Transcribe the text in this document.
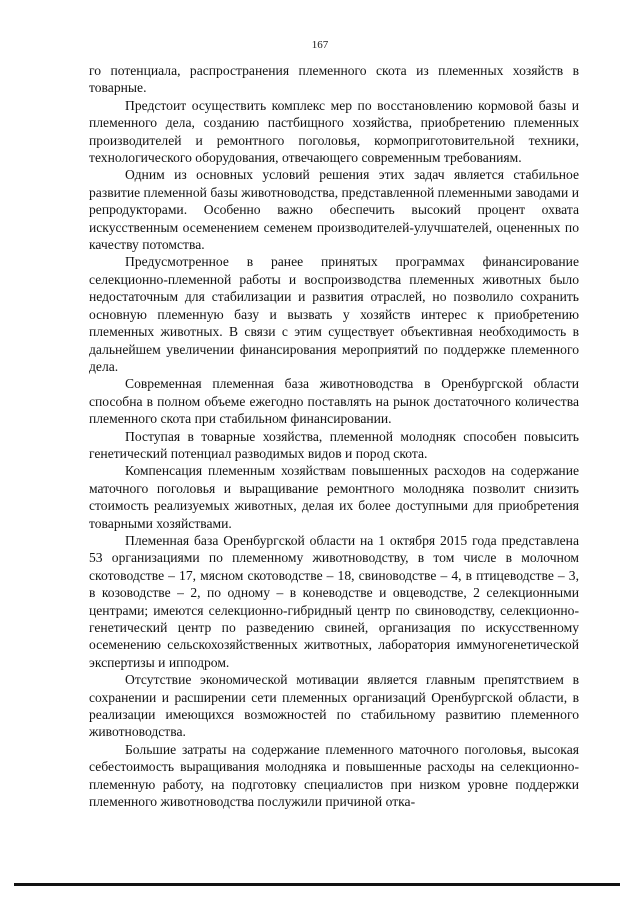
167

го потенциала, распространения племенного скота из племенных хозяйств в товарные.

Предстоит осуществить комплекс мер по восстановлению кормовой базы и племенного дела, созданию пастбищного хозяйства, приобретению племенных производителей и ремонтного поголовья, кормоприготовительной техники, технологического оборудования, отвечающего современным требованиям.

Одним из основных условий решения этих задач является стабильное развитие племенной базы животноводства, представленной племенными заводами и репродукторами. Особенно важно обеспечить высокий процент охвата искусственным осеменением семенем производителей-улучшателей, оцененных по качеству потомства.

Предусмотренное в ранее принятых программах финансирование селекционно-племенной работы и воспроизводства племенных животных было недостаточным для стабилизации и развития отраслей, но позволило сохранить основную племенную базу и вызвать у хозяйств интерес к приобретению племенных животных. В связи с этим существует объективная необходимость в дальнейшем увеличении финансирования мероприятий по поддержке племенного дела.

Современная племенная база животноводства в Оренбургской области способна в полном объеме ежегодно поставлять на рынок достаточного количества племенного скота при стабильном финансировании.

Поступая в товарные хозяйства, племенной молодняк способен повысить генетический потенциал разводимых видов и пород скота.

Компенсация племенным хозяйствам повышенных расходов на содержание маточного поголовья и выращивание ремонтного молодняка позволит снизить стоимость реализуемых животных, делая их более доступными для приобретения товарными хозяйствами.

Племенная база Оренбургской области на 1 октября 2015 года представлена 53 организациями по племенному животноводству, в том числе в молочном скотоводстве – 17, мясном скотоводстве – 18, свиноводстве – 4, в птицеводстве – 3, в козоводстве – 2, по одному – в коневодстве и овцеводстве, 2 селекционными центрами; имеются селекционно-гибридный центр по свиноводству, селекционно-генетический центр по разведению свиней, организация по искусственному осеменению сельскохозяйственных житвотных, лаборатория иммуногенетической экспертизы и ипподром.

Отсутствие экономической мотивации является главным препятствием в сохранении и расширении сети племенных организаций Оренбургской области, в реализации имеющихся возможностей по стабильному развитию племенного животноводства.

Большие затраты на содержание племенного маточного поголовья, высокая себестоимость выращивания молодняка и повышенные расходы на селекционно-племенную работу, на подготовку специалистов при низком уровне поддержки племенного животноводства послужили причиной отка-
